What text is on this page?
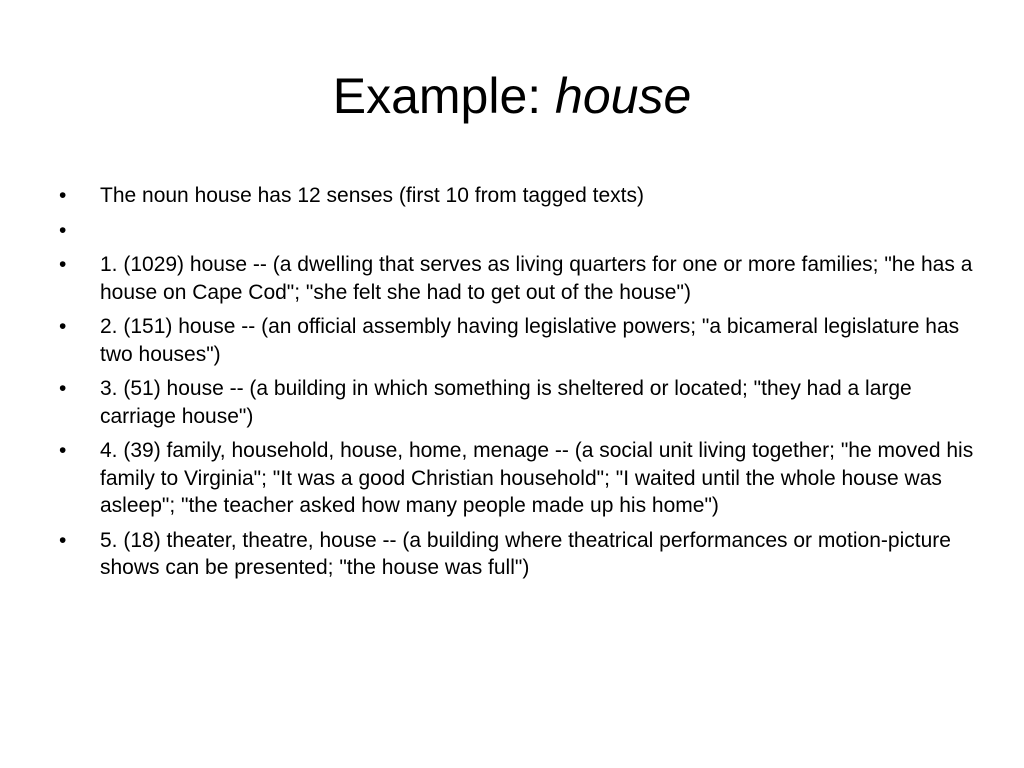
Example: house
•	The noun house has 12 senses (first 10 from tagged texts)
•
•	1. (1029) house -- (a dwelling that serves as living quarters for one or more families; "he has a house on Cape Cod"; "she felt she had to get out of the house")
•	2. (151) house -- (an official assembly having legislative powers; "a bicameral legislature has two houses")
•	3. (51) house -- (a building in which something is sheltered or located; "they had a large carriage house")
•	4. (39) family, household, house, home, menage -- (a social unit living together; "he moved his family to Virginia"; "It was a good Christian household"; "I waited until the whole house was asleep"; "the teacher asked how many people made up his home")
•	5. (18) theater, theatre, house -- (a building where theatrical performances or motion-picture shows can be presented; "the house was full")
